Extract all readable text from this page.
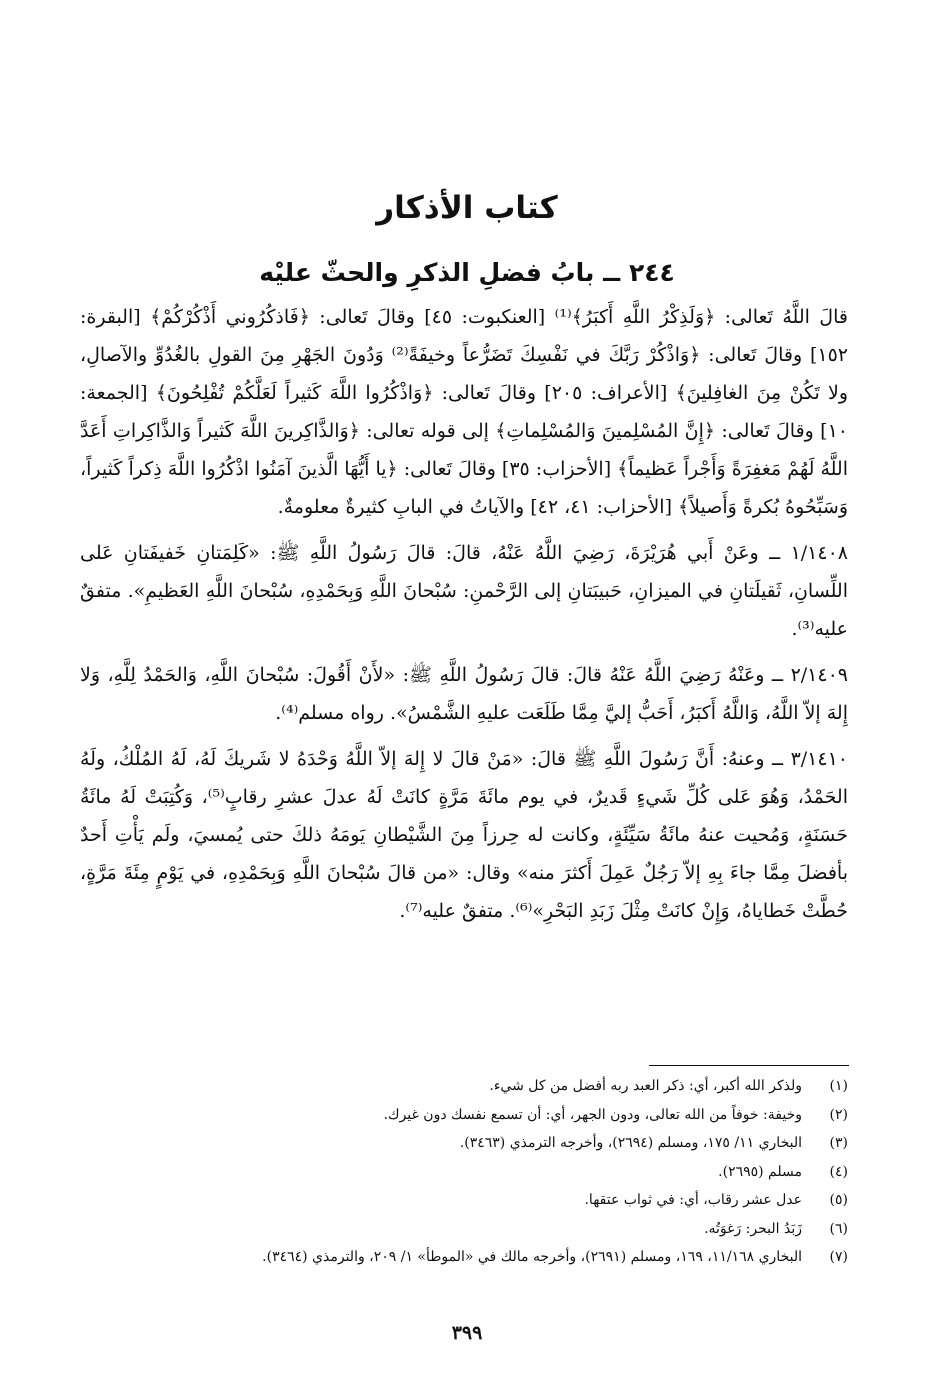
كتاب الأذكار
٢٤٤ ــ بابُ فضلِ الذكرِ والحثّ عليْه

قالَ اللَّهُ تَعالى: ﴿وَلَذِكْرُ اللَّهِ أَكبَرُ﴾⁽¹⁾ [العنكبوت: ٤٥] وقالَ تَعالى: ﴿فَاذكُرُوني أَذْكُرْكُمْ﴾ [البقرة: ١٥٢] وقالَ تَعالى: ﴿وَاذْكُرْ رَبَّكَ في نَفْسِكَ تَضَرُّعاً وخيفَةً⁽²⁾ وَدُونَ الجَهْرِ مِنَ القولِ بالغُدُوِّ والآصالِ، ولا تَكُنْ مِنَ الغافِلينَ﴾ [الأعراف: ٢٠٥] وقالَ تَعالى: ﴿وَاذْكُرُوا اللَّهَ كَثيراً لَعَلَّكُمْ تُفْلِحُونَ﴾ [الجمعة: ١٠] وقالَ تَعالى: ﴿إِنَّ المُسْلِمينَ وَالمُسْلِماتِ﴾ إلى قوله تعالى: ﴿وَالذَّاكِرينَ اللَّهَ كَثيراً وَالذَّاكِراتِ أَعَدَّ اللَّهُ لَهُمْ مَغفِرَةً وَأَجْراً عَظيماً﴾ [الأحزاب: ٣٥] وقالَ تَعالى: ﴿يا أَيُّهَا الَّذينَ آمَنُوا اذْكُرُوا اللَّهَ ذِكراً كَثيراً، وَسَبِّحُوهُ بُكرةً وَأَصيلاً﴾ [الأحزاب: ٤١، ٤٢] والآياتُ في البابِ كثيرةٌ معلومةٌ.

١/١٤٠٨ ــ وعَنْ أَبي هُرَيْرَةَ، رَضِيَ اللَّهُ عَنْهُ، قالَ: قالَ رَسُولُ اللَّهِ ﷺ: «كَلِمَتانِ خَفيفَتانِ عَلى اللِّسانِ، ثَقيلَتانِ في الميزانِ، حَبيبَتانِ إلى الرَّحْمنِ: سُبْحانَ اللَّهِ وَبِحَمْدِهِ، سُبْحانَ اللَّهِ العَظيمِ». متفقٌ عليه⁽³⁾.

٢/١٤٠٩ ــ وعَنْهُ رَضِيَ اللَّهُ عَنْهُ قالَ: قالَ رَسُولُ اللَّهِ ﷺ: «لأَنْ أَقُولَ: سُبْحانَ اللَّهِ، وَالحَمْدُ لِلَّهِ، وَلا إِلهَ إلاّ اللَّهُ، وَاللَّهُ أَكبَرُ، أَحَبُّ إليَّ مِمَّا طَلَعَت عليهِ الشَّمْسُ». رواه مسلم⁽⁴⁾.

٣/١٤١٠ ــ وعنهُ: أَنَّ رَسُولَ اللَّهِ ﷺ قالَ: «مَنْ قالَ لا إِلهَ إلاّ اللَّهُ وَحْدَهُ لا شَريكَ لَهُ، لَهُ المُلْكُ، ولَهُ الحَمْدُ، وَهُوَ عَلى كُلِّ شَيءٍ قَديرٌ، في يوم مائَةَ مَرَّةٍ كانَتْ لَهُ عدلَ عشرِ رقابٍ⁽⁵⁾، وَكُتِبَتْ لَهُ مائَةُ حَسَنَةٍ، وَمُحيت عنهُ مائَةُ سَيِّئَةٍ، وكانت له حِرزاً مِنَ الشَّيْطانِ يَومَهُ ذلكَ حتى يُمسيَ، ولَم يَأْتِ أَحدٌ بأفضلَ مِمَّا جاءَ بِهِ إلاّ رَجُلٌ عَمِلَ أَكثرَ منه» وقال: «من قالَ سُبْحانَ اللَّهِ وَبِحَمْدِهِ، في يَوْمٍ مِئَةَ مَرَّةٍ، حُطَّتْ خَطاياهُ، وَإِنْ كانَتْ مِثْلَ زَبَدِ البَحْرِ»⁽⁶⁾. متفقٌ عليه⁽⁷⁾.

(١)
ولذكر الله أكبر، أي: ذكر العبد ربه أفضل من كل شيء.
(٢)
وخيفة: خوفاً من الله تعالى، ودون الجهر، أي: أن تسمع نفسك دون غيرك.
(٣)
البخاري ١١/ ١٧٥، ومسلم (٢٦٩٤)، وأخرجه الترمذي (٣٤٦٣).
(٤)
مسلم (٢٦٩٥).
(٥)
عدل عشر رقاب، أي: في ثواب عتقها.
(٦)
زَبَدُ البحر: رَغوَتُه.
(٧)
البخاري ١١/١٦٨، ١٦٩، ومسلم (٢٦٩١)، وأخرجه مالك في «الموطأ» ١/ ٢٠٩، والترمذي (٣٤٦٤).
٣٩٩
